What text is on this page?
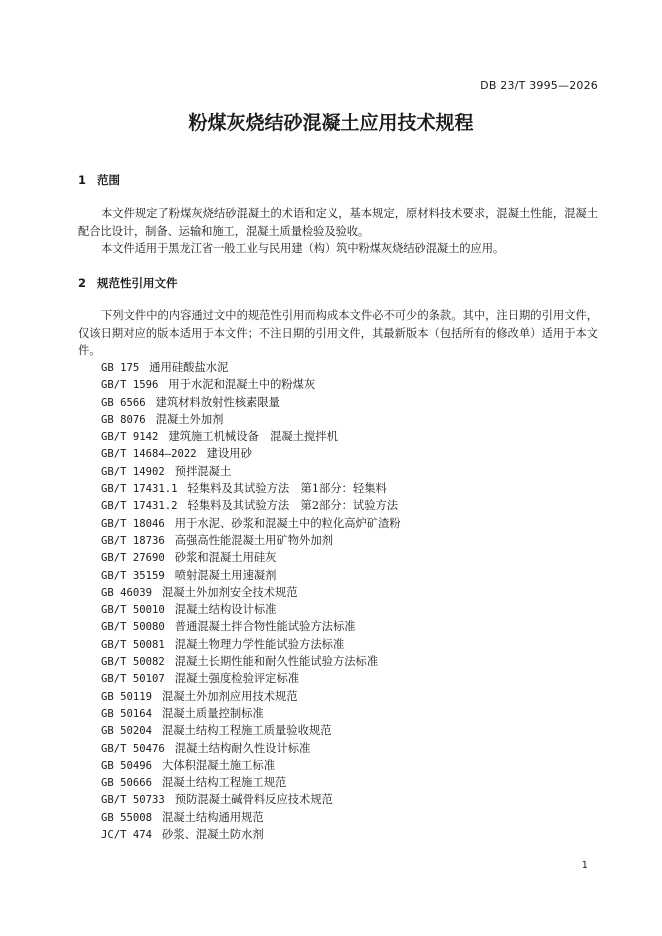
DB 23/T 3995—2026
粉煤灰烧结砂混凝土应用技术规程
1 范围

本文件规定了粉煤灰烧结砂混凝土的术语和定义，基本规定，原材料技术要求，混凝土性能，混凝土配合比设计，制备、运输和施工，混凝土质量检验及验收。

本文件适用于黑龙江省一般工业与民用建（构）筑中粉煤灰烧结砂混凝土的应用。

2 规范性引用文件

下列文件中的内容通过文中的规范性引用而构成本文件必不可少的条款。其中，注日期的引用文件，仅该日期对应的版本适用于本文件；不注日期的引用文件，其最新版本（包括所有的修改单）适用于本文件。

GB 175 通用硅酸盐水泥
GB/T 1596 用于水泥和混凝土中的粉煤灰
GB 6566 建筑材料放射性核素限量
GB 8076 混凝土外加剂
GB/T 9142 建筑施工机械设备　混凝土搅拌机
GB/T 14684—2022 建设用砂
GB/T 14902 预拌混凝土
GB/T 17431.1 轻集料及其试验方法　第1部分：轻集料
GB/T 17431.2 轻集料及其试验方法　第2部分：试验方法
GB/T 18046 用于水泥、砂浆和混凝土中的粒化高炉矿渣粉
GB/T 18736 高强高性能混凝土用矿物外加剂
GB/T 27690 砂浆和混凝土用硅灰
GB/T 35159 喷射混凝土用速凝剂
GB 46039 混凝土外加剂安全技术规范
GB/T 50010 混凝土结构设计标准
GB/T 50080 普通混凝土拌合物性能试验方法标准
GB/T 50081 混凝土物理力学性能试验方法标准
GB/T 50082 混凝土长期性能和耐久性能试验方法标准
GB/T 50107 混凝土强度检验评定标准
GB 50119 混凝土外加剂应用技术规范
GB 50164 混凝土质量控制标准
GB 50204 混凝土结构工程施工质量验收规范
GB/T 50476 混凝土结构耐久性设计标准
GB 50496 大体积混凝土施工标准
GB 50666 混凝土结构工程施工规范
GB/T 50733 预防混凝土碱骨料反应技术规范
GB 55008 混凝土结构通用规范
JC/T 474 砂浆、混凝土防水剂
1
